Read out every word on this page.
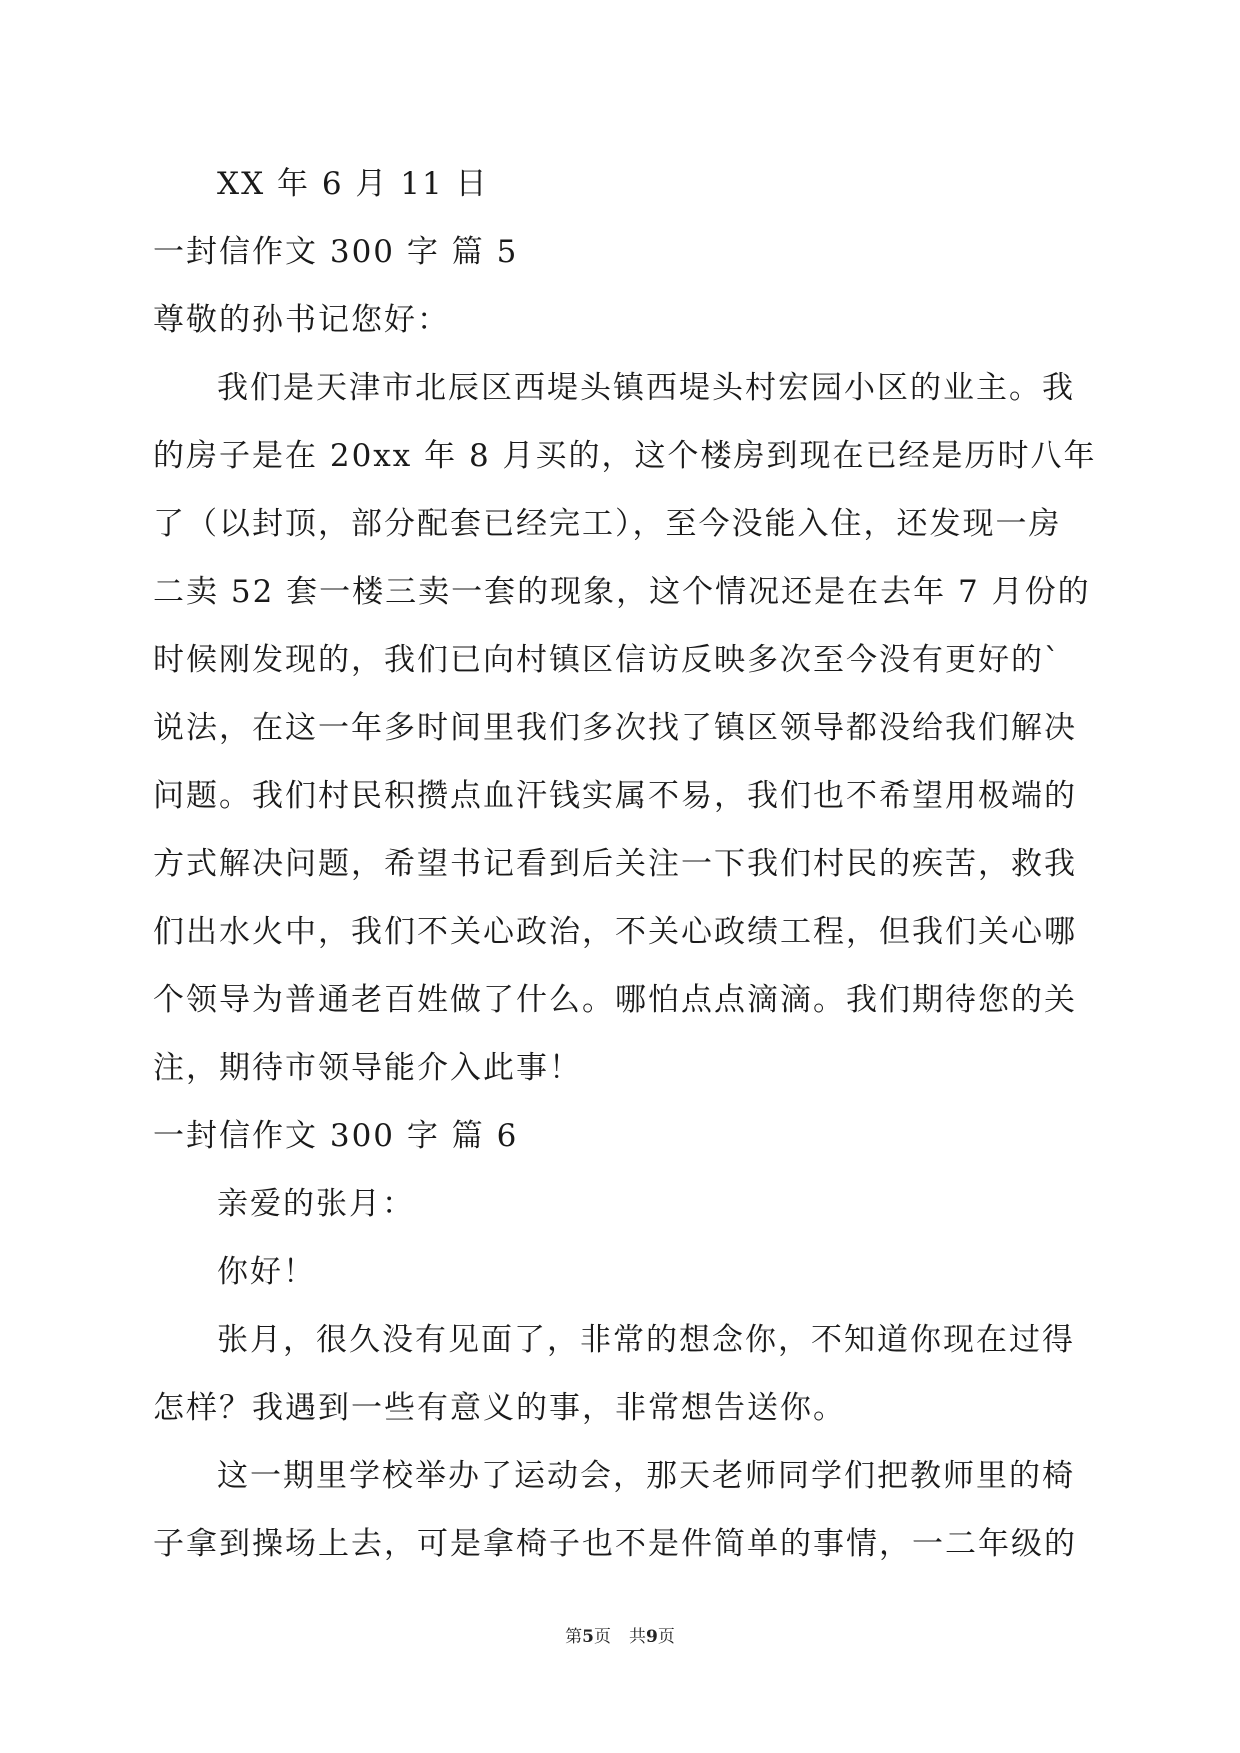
XX 年 6 月 11 日
一封信作文 300 字 篇 5
尊敬的孙书记您好：
我们是天津市北辰区西堤头镇西堤头村宏园小区的业主。我
的房子是在 20xx 年 8 月买的，这个楼房到现在已经是历时八年
了（以封顶，部分配套已经完工），至今没能入住，还发现一房
二卖 52 套一楼三卖一套的现象，这个情况还是在去年 7 月份的
时候刚发现的，我们已向村镇区信访反映多次至今没有更好的`
说法，在这一年多时间里我们多次找了镇区领导都没给我们解决
问题。我们村民积攒点血汗钱实属不易，我们也不希望用极端的
方式解决问题，希望书记看到后关注一下我们村民的疾苦，救我
们出水火中，我们不关心政治，不关心政绩工程，但我们关心哪
个领导为普通老百姓做了什么。哪怕点点滴滴。我们期待您的关
注，期待市领导能介入此事！
一封信作文 300 字 篇 6
亲爱的张月：
你好！
张月，很久没有见面了，非常的想念你，不知道你现在过得
怎样？我遇到一些有意义的事，非常想告送你。
这一期里学校举办了运动会，那天老师同学们把教师里的椅
子拿到操场上去，可是拿椅子也不是件简单的事情，一二年级的
第5页 共9页
